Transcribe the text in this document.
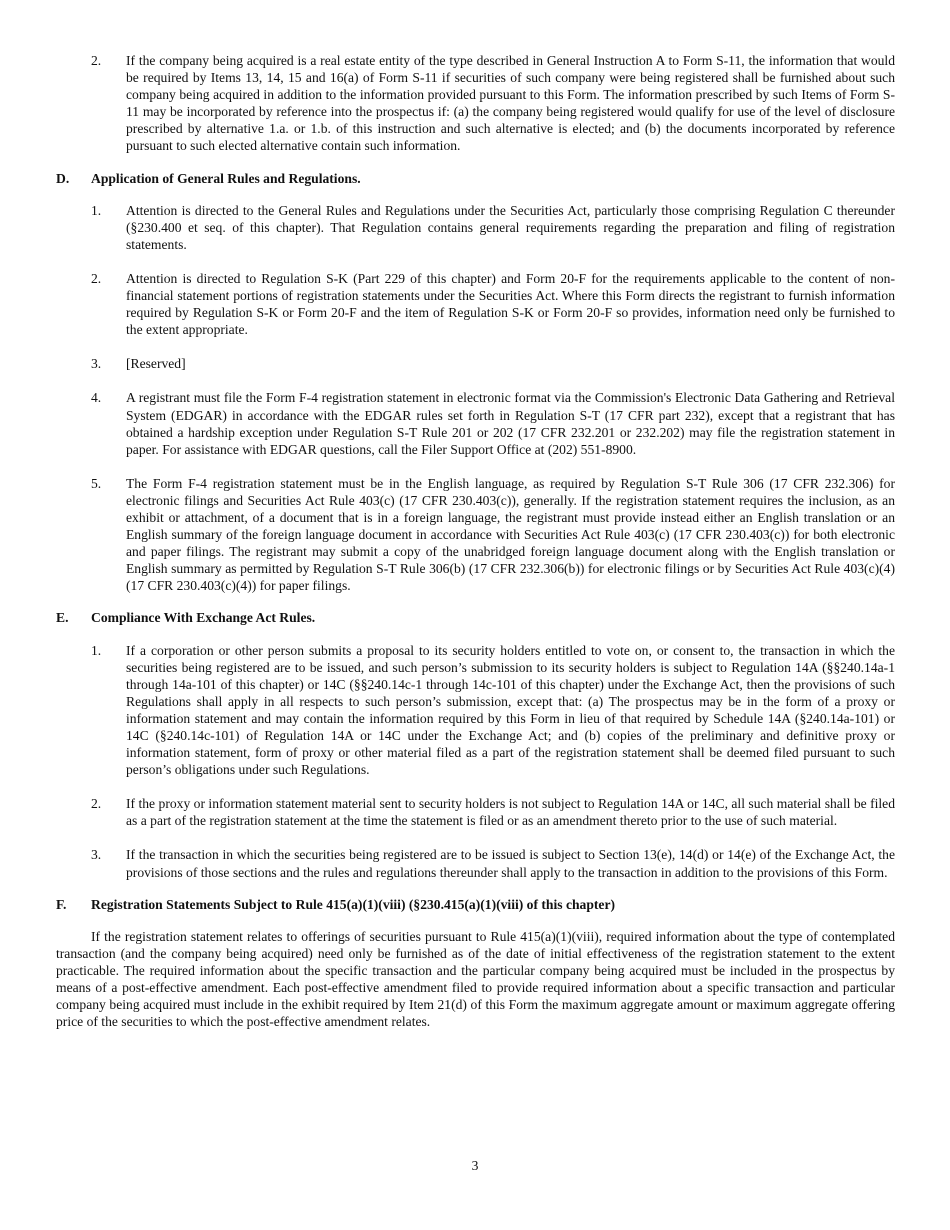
2. If the company being acquired is a real estate entity of the type described in General Instruction A to Form S-11, the information that would be required by Items 13, 14, 15 and 16(a) of Form S-11 if securities of such company were being registered shall be furnished about such company being acquired in addition to the information provided pursuant to this Form. The information prescribed by such Items of Form S-11 may be incorporated by reference into the prospectus if: (a) the company being registered would qualify for use of the level of disclosure prescribed by alternative 1.a. or 1.b. of this instruction and such alternative is elected; and (b) the documents incorporated by reference pursuant to such elected alternative contain such information.

D. Application of General Rules and Regulations.

1. Attention is directed to the General Rules and Regulations under the Securities Act, particularly those comprising Regulation C thereunder (§230.400 et seq. of this chapter). That Regulation contains general requirements regarding the preparation and filing of registration statements.

2. Attention is directed to Regulation S-K (Part 229 of this chapter) and Form 20-F for the requirements applicable to the content of non-financial statement portions of registration statements under the Securities Act. Where this Form directs the registrant to furnish information required by Regulation S-K or Form 20-F and the item of Regulation S-K or Form 20-F so provides, information need only be furnished to the extent appropriate.

3. [Reserved]

4. A registrant must file the Form F-4 registration statement in electronic format via the Commission's Electronic Data Gathering and Retrieval System (EDGAR) in accordance with the EDGAR rules set forth in Regulation S-T (17 CFR part 232), except that a registrant that has obtained a hardship exception under Regulation S-T Rule 201 or 202 (17 CFR 232.201 or 232.202) may file the registration statement in paper. For assistance with EDGAR questions, call the Filer Support Office at (202) 551-8900.

5. The Form F-4 registration statement must be in the English language, as required by Regulation S-T Rule 306 (17 CFR 232.306) for electronic filings and Securities Act Rule 403(c) (17 CFR 230.403(c)), generally. If the registration statement requires the inclusion, as an exhibit or attachment, of a document that is in a foreign language, the registrant must provide instead either an English translation or an English summary of the foreign language document in accordance with Securities Act Rule 403(c) (17 CFR 230.403(c)) for both electronic and paper filings. The registrant may submit a copy of the unabridged foreign language document along with the English translation or English summary as permitted by Regulation S-T Rule 306(b) (17 CFR 232.306(b)) for electronic filings or by Securities Act Rule 403(c)(4) (17 CFR 230.403(c)(4)) for paper filings.

E. Compliance With Exchange Act Rules.

1. If a corporation or other person submits a proposal to its security holders entitled to vote on, or consent to, the transaction in which the securities being registered are to be issued, and such person’s submission to its security holders is subject to Regulation 14A (§§240.14a-1 through 14a-101 of this chapter) or 14C (§§240.14c-1 through 14c-101 of this chapter) under the Exchange Act, then the provisions of such Regulations shall apply in all respects to such person’s submission, except that: (a) The prospectus may be in the form of a proxy or information statement and may contain the information required by this Form in lieu of that required by Schedule 14A (§240.14a-101) or 14C (§240.14c-101) of Regulation 14A or 14C under the Exchange Act; and (b) copies of the preliminary and definitive proxy or information statement, form of proxy or other material filed as a part of the registration statement shall be deemed filed pursuant to such person’s obligations under such Regulations.

2. If the proxy or information statement material sent to security holders is not subject to Regulation 14A or 14C, all such material shall be filed as a part of the registration statement at the time the statement is filed or as an amendment thereto prior to the use of such material.

3. If the transaction in which the securities being registered are to be issued is subject to Section 13(e), 14(d) or 14(e) of the Exchange Act, the provisions of those sections and the rules and regulations thereunder shall apply to the transaction in addition to the provisions of this Form.

F. Registration Statements Subject to Rule 415(a)(1)(viii) (§230.415(a)(1)(viii) of this chapter)

If the registration statement relates to offerings of securities pursuant to Rule 415(a)(1)(viii), required information about the type of contemplated transaction (and the company being acquired) need only be furnished as of the date of initial effectiveness of the registration statement to the extent practicable. The required information about the specific transaction and the particular company being acquired must be included in the prospectus by means of a post-effective amendment. Each post-effective amendment filed to provide required information about a specific transaction and particular company being acquired must include in the exhibit required by Item 21(d) of this Form the maximum aggregate amount or maximum aggregate offering price of the securities to which the post-effective amendment relates.

3
